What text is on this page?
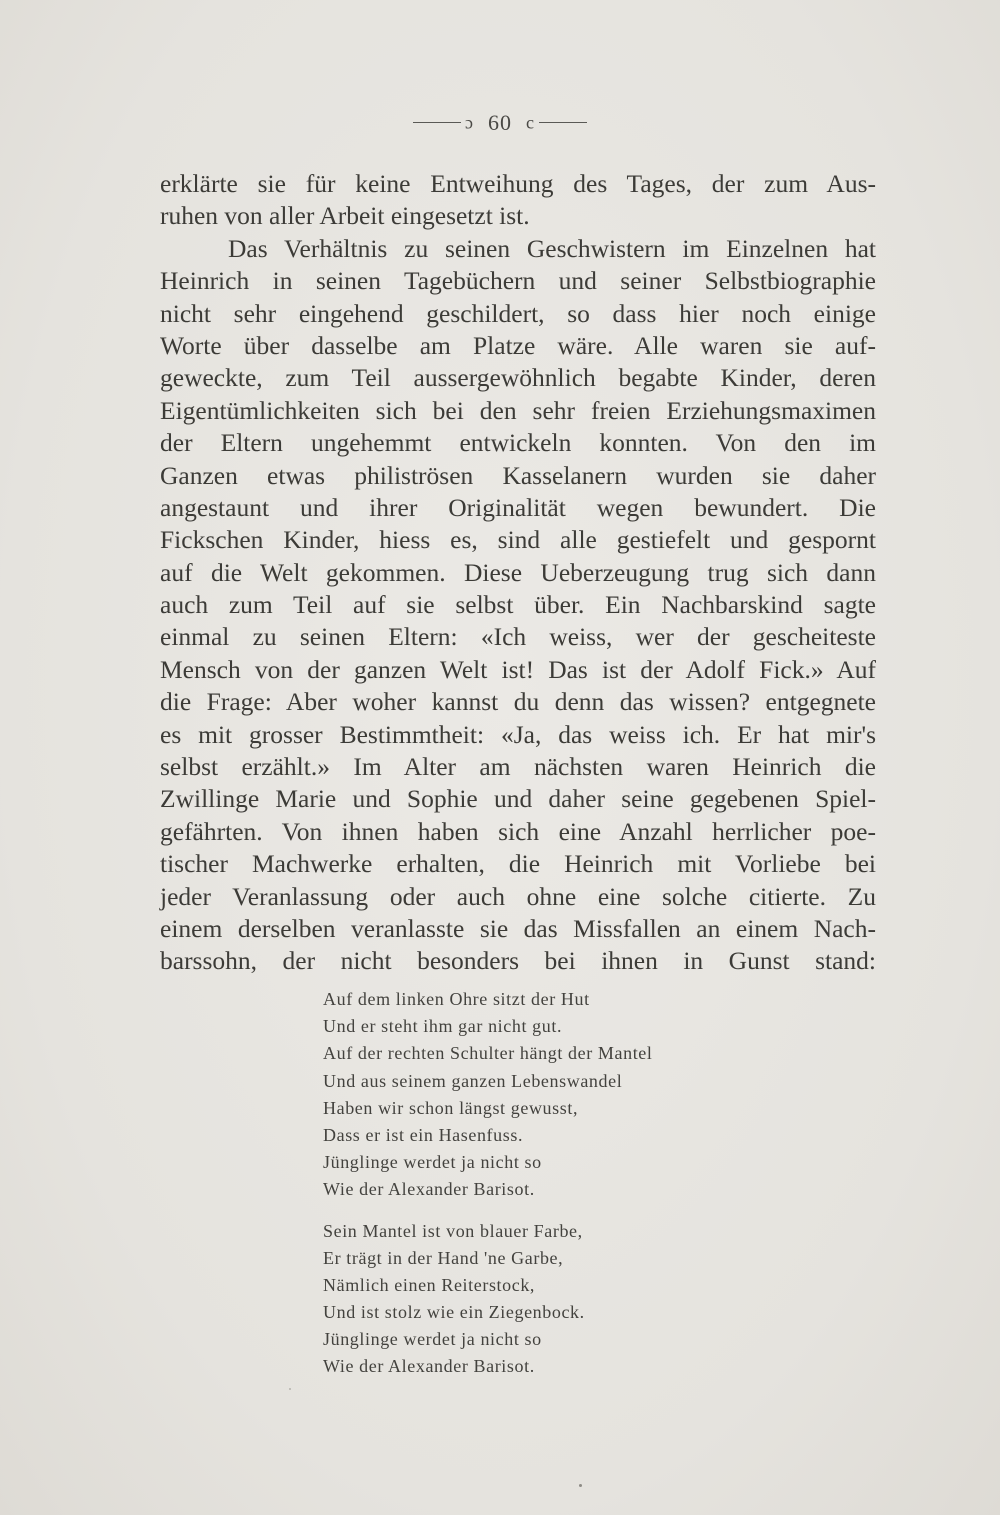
ɔ 60 c
erklärte sie für keine Entweihung des Tages, der zum Aus-
ruhen von aller Arbeit eingesetzt ist.
Das Verhältnis zu seinen Geschwistern im Einzelnen hat
Heinrich in seinen Tagebüchern und seiner Selbstbiographie
nicht sehr eingehend geschildert, so dass hier noch einige
Worte über dasselbe am Platze wäre. Alle waren sie auf-
geweckte, zum Teil aussergewöhnlich begabte Kinder, deren
Eigentümlichkeiten sich bei den sehr freien Erziehungsmaximen
der Eltern ungehemmt entwickeln konnten. Von den im
Ganzen etwas philiströsen Kasselanern wurden sie daher
angestaunt und ihrer Originalität wegen bewundert. Die
Fickschen Kinder, hiess es, sind alle gestiefelt und gespornt
auf die Welt gekommen. Diese Ueberzeugung trug sich dann
auch zum Teil auf sie selbst über. Ein Nachbarskind sagte
einmal zu seinen Eltern: «Ich weiss, wer der gescheiteste
Mensch von der ganzen Welt ist! Das ist der Adolf Fick.» Auf
die Frage: Aber woher kannst du denn das wissen? entgegnete
es mit grosser Bestimmtheit: «Ja, das weiss ich. Er hat mir's
selbst erzählt.» Im Alter am nächsten waren Heinrich die
Zwillinge Marie und Sophie und daher seine gegebenen Spiel-
gefährten. Von ihnen haben sich eine Anzahl herrlicher poe-
tischer Machwerke erhalten, die Heinrich mit Vorliebe bei
jeder Veranlassung oder auch ohne eine solche citierte. Zu
einem derselben veranlasste sie das Missfallen an einem Nach-
barssohn, der nicht besonders bei ihnen in Gunst stand:
Auf dem linken Ohre sitzt der Hut
Und er steht ihm gar nicht gut.
Auf der rechten Schulter hängt der Mantel
Und aus seinem ganzen Lebenswandel
Haben wir schon längst gewusst,
Dass er ist ein Hasenfuss.
Jünglinge werdet ja nicht so
Wie der Alexander Barisot.
Sein Mantel ist von blauer Farbe,
Er trägt in der Hand 'ne Garbe,
Nämlich einen Reiterstock,
Und ist stolz wie ein Ziegenbock.
Jünglinge werdet ja nicht so
Wie der Alexander Barisot.
